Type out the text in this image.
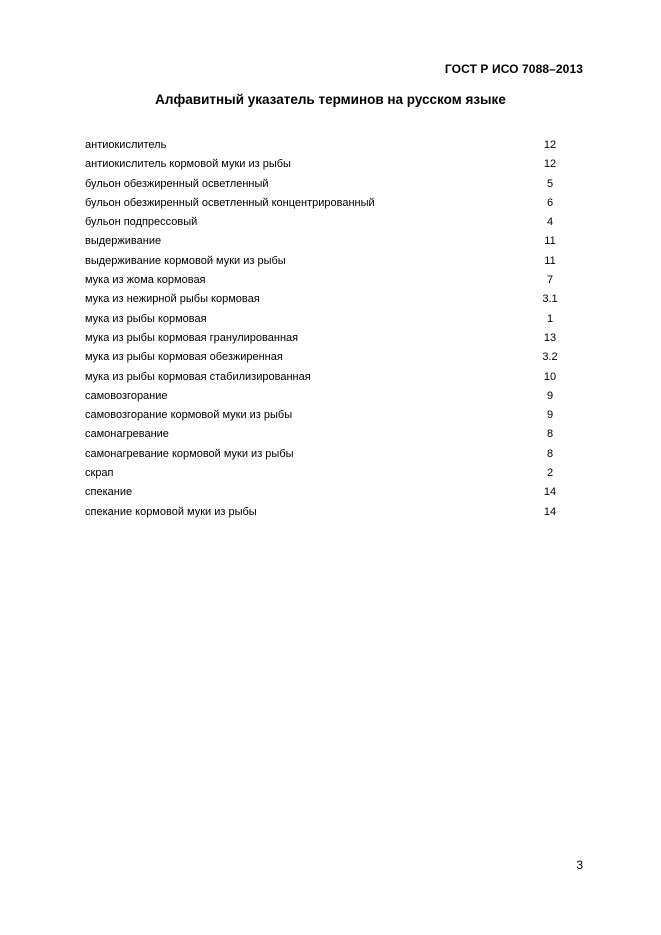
ГОСТ Р ИСО 7088–2013
Алфавитный указатель терминов на русском языке
антиокислитель	12
антиокислитель кормовой муки из рыбы	12
бульон обезжиренный осветленный	5
бульон обезжиренный осветленный концентрированный	6
бульон подпрессовый	4
выдерживание	11
выдерживание кормовой муки из рыбы	11
мука из жома кормовая	7
мука из нежирной рыбы кормовая	3.1
мука из рыбы кормовая	1
мука из рыбы кормовая гранулированная	13
мука из рыбы кормовая обезжиренная	3.2
мука из рыбы кормовая стабилизированная	10
самовозгорание	9
самовозгорание кормовой муки из рыбы	9
самонагревание	8
самонагревание кормовой муки из рыбы	8
скрап	2
спекание	14
спекание кормовой муки из рыбы	14
3
